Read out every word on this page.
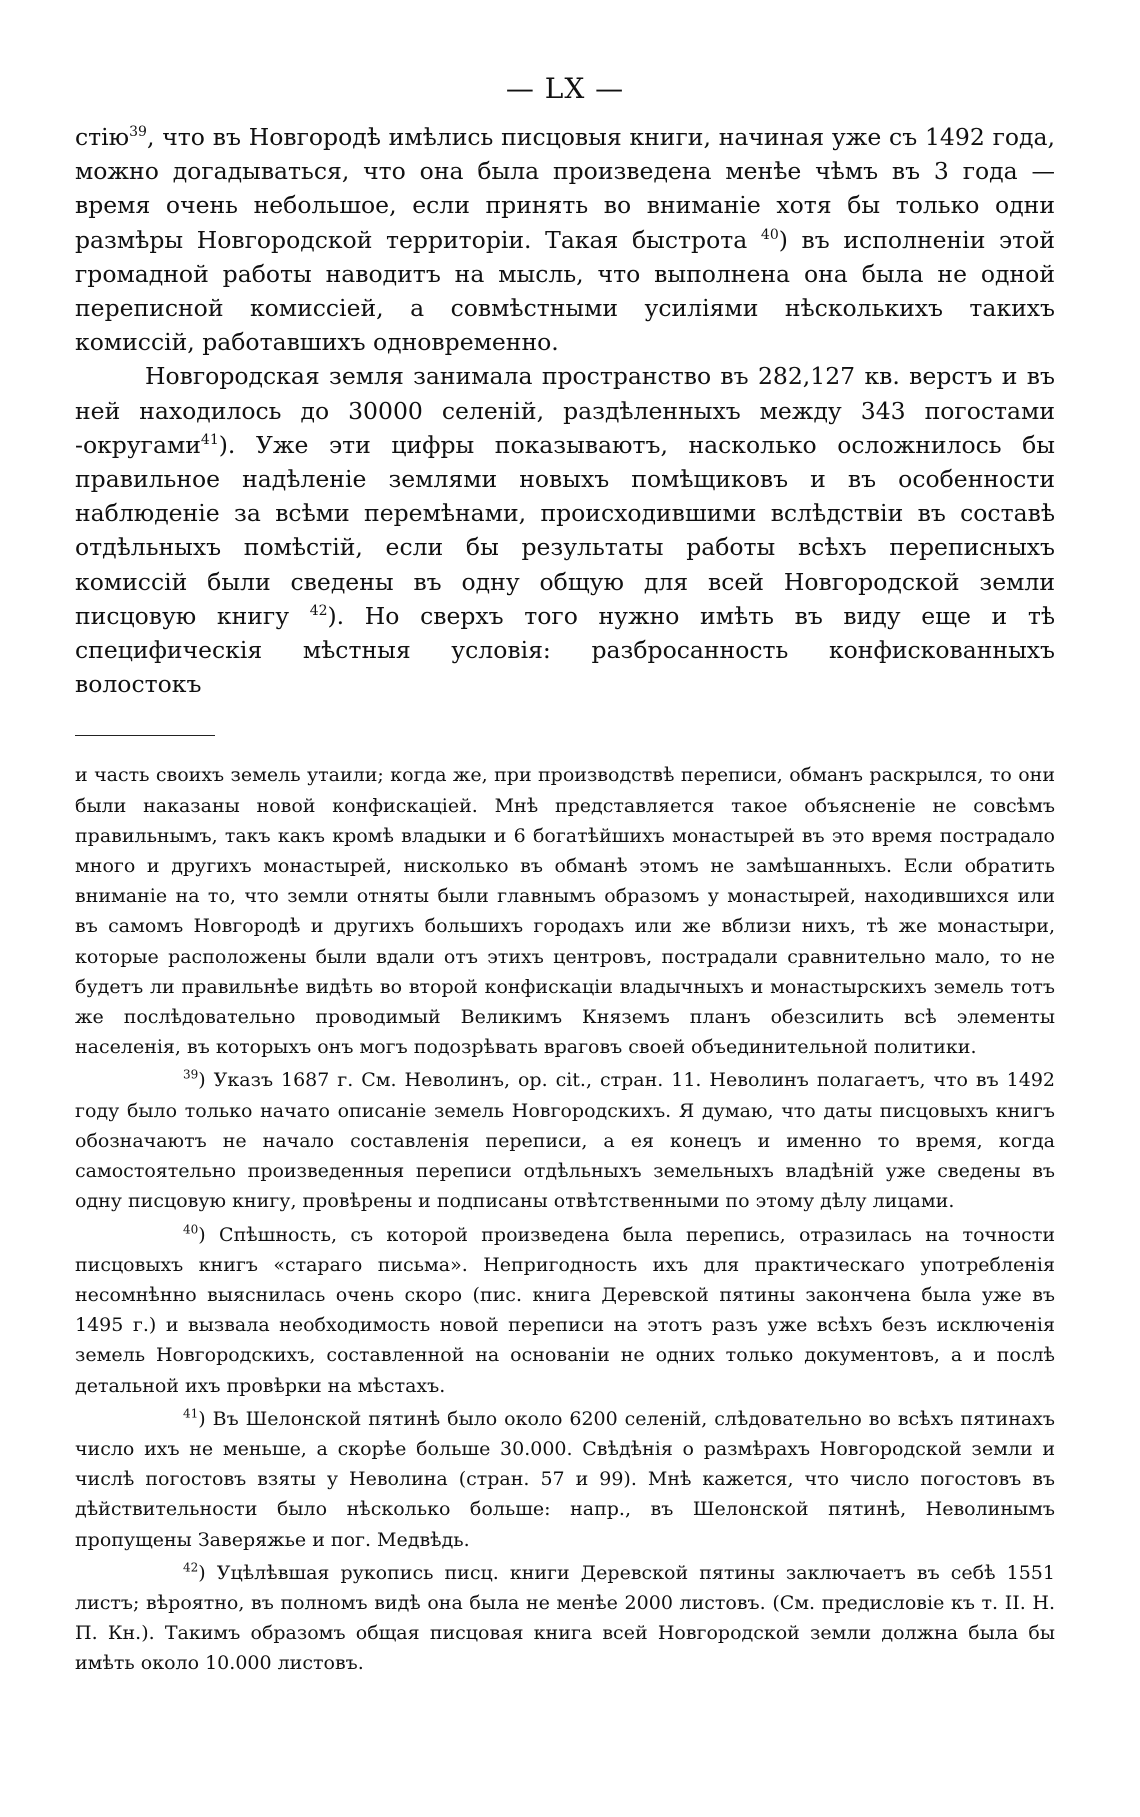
— LX —

стію$^{39}$, что въ Новгородѣ имѣлись писцовыя книги, начиная уже съ 1492 года, можно догадываться, что она была произведена менѣе чѣмъ въ 3 года — время очень небольшое, если принять во вниманіе хотя бы только одни размѣры Новгородской территоріи. Такая быстрота $^{40}$) въ исполненіи этой громадной работы наводитъ на мысль, что выполнена она была не одной переписной комиссіей, а совмѣстными усиліями нѣсколькихъ такихъ комиссій, работавшихъ одновременно.

Новгородская земля занимала пространство въ 282,127 кв. верстъ и въ ней находилось до 30000 селеній, раздѣленныхъ между 343 погостами -округами$^{41}$). Уже эти цифры показываютъ, насколько осложнилось бы правильное надѣленіе землями новыхъ помѣщиковъ и въ особенности наблюденіе за всѣми перемѣнами, происходившими вслѣдствіи въ составѣ отдѣльныхъ помѣстій, если бы результаты работы всѣхъ переписныхъ комиссій были сведены въ одну общую для всей Новгородской земли писцовую книгу $^{42}$). Но сверхъ того нужно имѣть въ виду еще и тѣ специфическія мѣстныя условія: разбросанность конфискованныхъ волостокъ

и часть своихъ земель утаили; когда же, при производствѣ переписи, обманъ раскрылся, то они были наказаны новой конфискаціей. Мнѣ представляется такое объясненіе не совсѣмъ правильнымъ, такъ какъ кромѣ владыки и 6 богатѣйшихъ монастырей въ это время пострадало много и другихъ монастырей, нисколько въ обманѣ этомъ не замѣшанныхъ. Если обратить вниманіе на то, что земли отняты были главнымъ образомъ у монастырей, находившихся или въ самомъ Новгородѣ и другихъ большихъ городахъ или же вблизи нихъ, тѣ же монастыри, которые расположены были вдали отъ этихъ центровъ, пострадали сравнительно мало, то не будетъ ли правильнѣе видѣть во второй конфискаціи владычныхъ и монастырскихъ земель тотъ же послѣдовательно проводимый Великимъ Княземъ планъ обезсилить всѣ элементы населенія, въ которыхъ онъ могъ подозрѣвать враговъ своей объединительной политики.

$^{39}$) Указъ 1687 г. См. Неволинъ, op. cit., стран. 11. Неволинъ полагаетъ, что въ 1492 году было только начато описаніе земель Новгородскихъ. Я думаю, что даты писцовыхъ книгъ обозначаютъ не начало составленія переписи, а ея конецъ и именно то время, когда самостоятельно произведенныя переписи отдѣльныхъ земельныхъ владѣній уже сведены въ одну писцовую книгу, провѣрены и подписаны отвѣтственными по этому дѣлу лицами.

$^{40}$) Спѣшность, съ которой произведена была перепись, отразилась на точности писцовыхъ книгъ «стараго письма». Непригодность ихъ для практическаго употребленія несомнѣнно выяснилась очень скоро (пис. книга Деревской пятины закончена была уже въ 1495 г.) и вызвала необходимость новой переписи на этотъ разъ уже всѣхъ безъ исключенія земель Новгородскихъ, составленной на основаніи не одних только документовъ, а и послѣ детальной ихъ провѣрки на мѣстахъ.

$^{41}$) Въ Шелонской пятинѣ было около 6200 селеній, слѣдовательно во всѣхъ пятинахъ число ихъ не меньше, а скорѣе больше 30.000. Свѣдѣнія о размѣрахъ Новгородской земли и числѣ погостовъ взяты у Неволина (стран. 57 и 99). Мнѣ кажется, что число погостовъ въ дѣйствительности было нѣсколько больше: напр., въ Шелонской пятинѣ, Неволинымъ пропущены Заверяжье и пог. Медвѣдь.

$^{42}$) Уцѣлѣвшая рукопись писц. книги Деревской пятины заключаетъ въ себѣ 1551 листъ; вѣроятно, въ полномъ видѣ она была не менѣе 2000 листовъ. (См. предисловіе къ т. II. Н. П. Кн.). Такимъ образомъ общая писцовая книга всей Новгородской земли должна была бы имѣть около 10.000 листовъ.
